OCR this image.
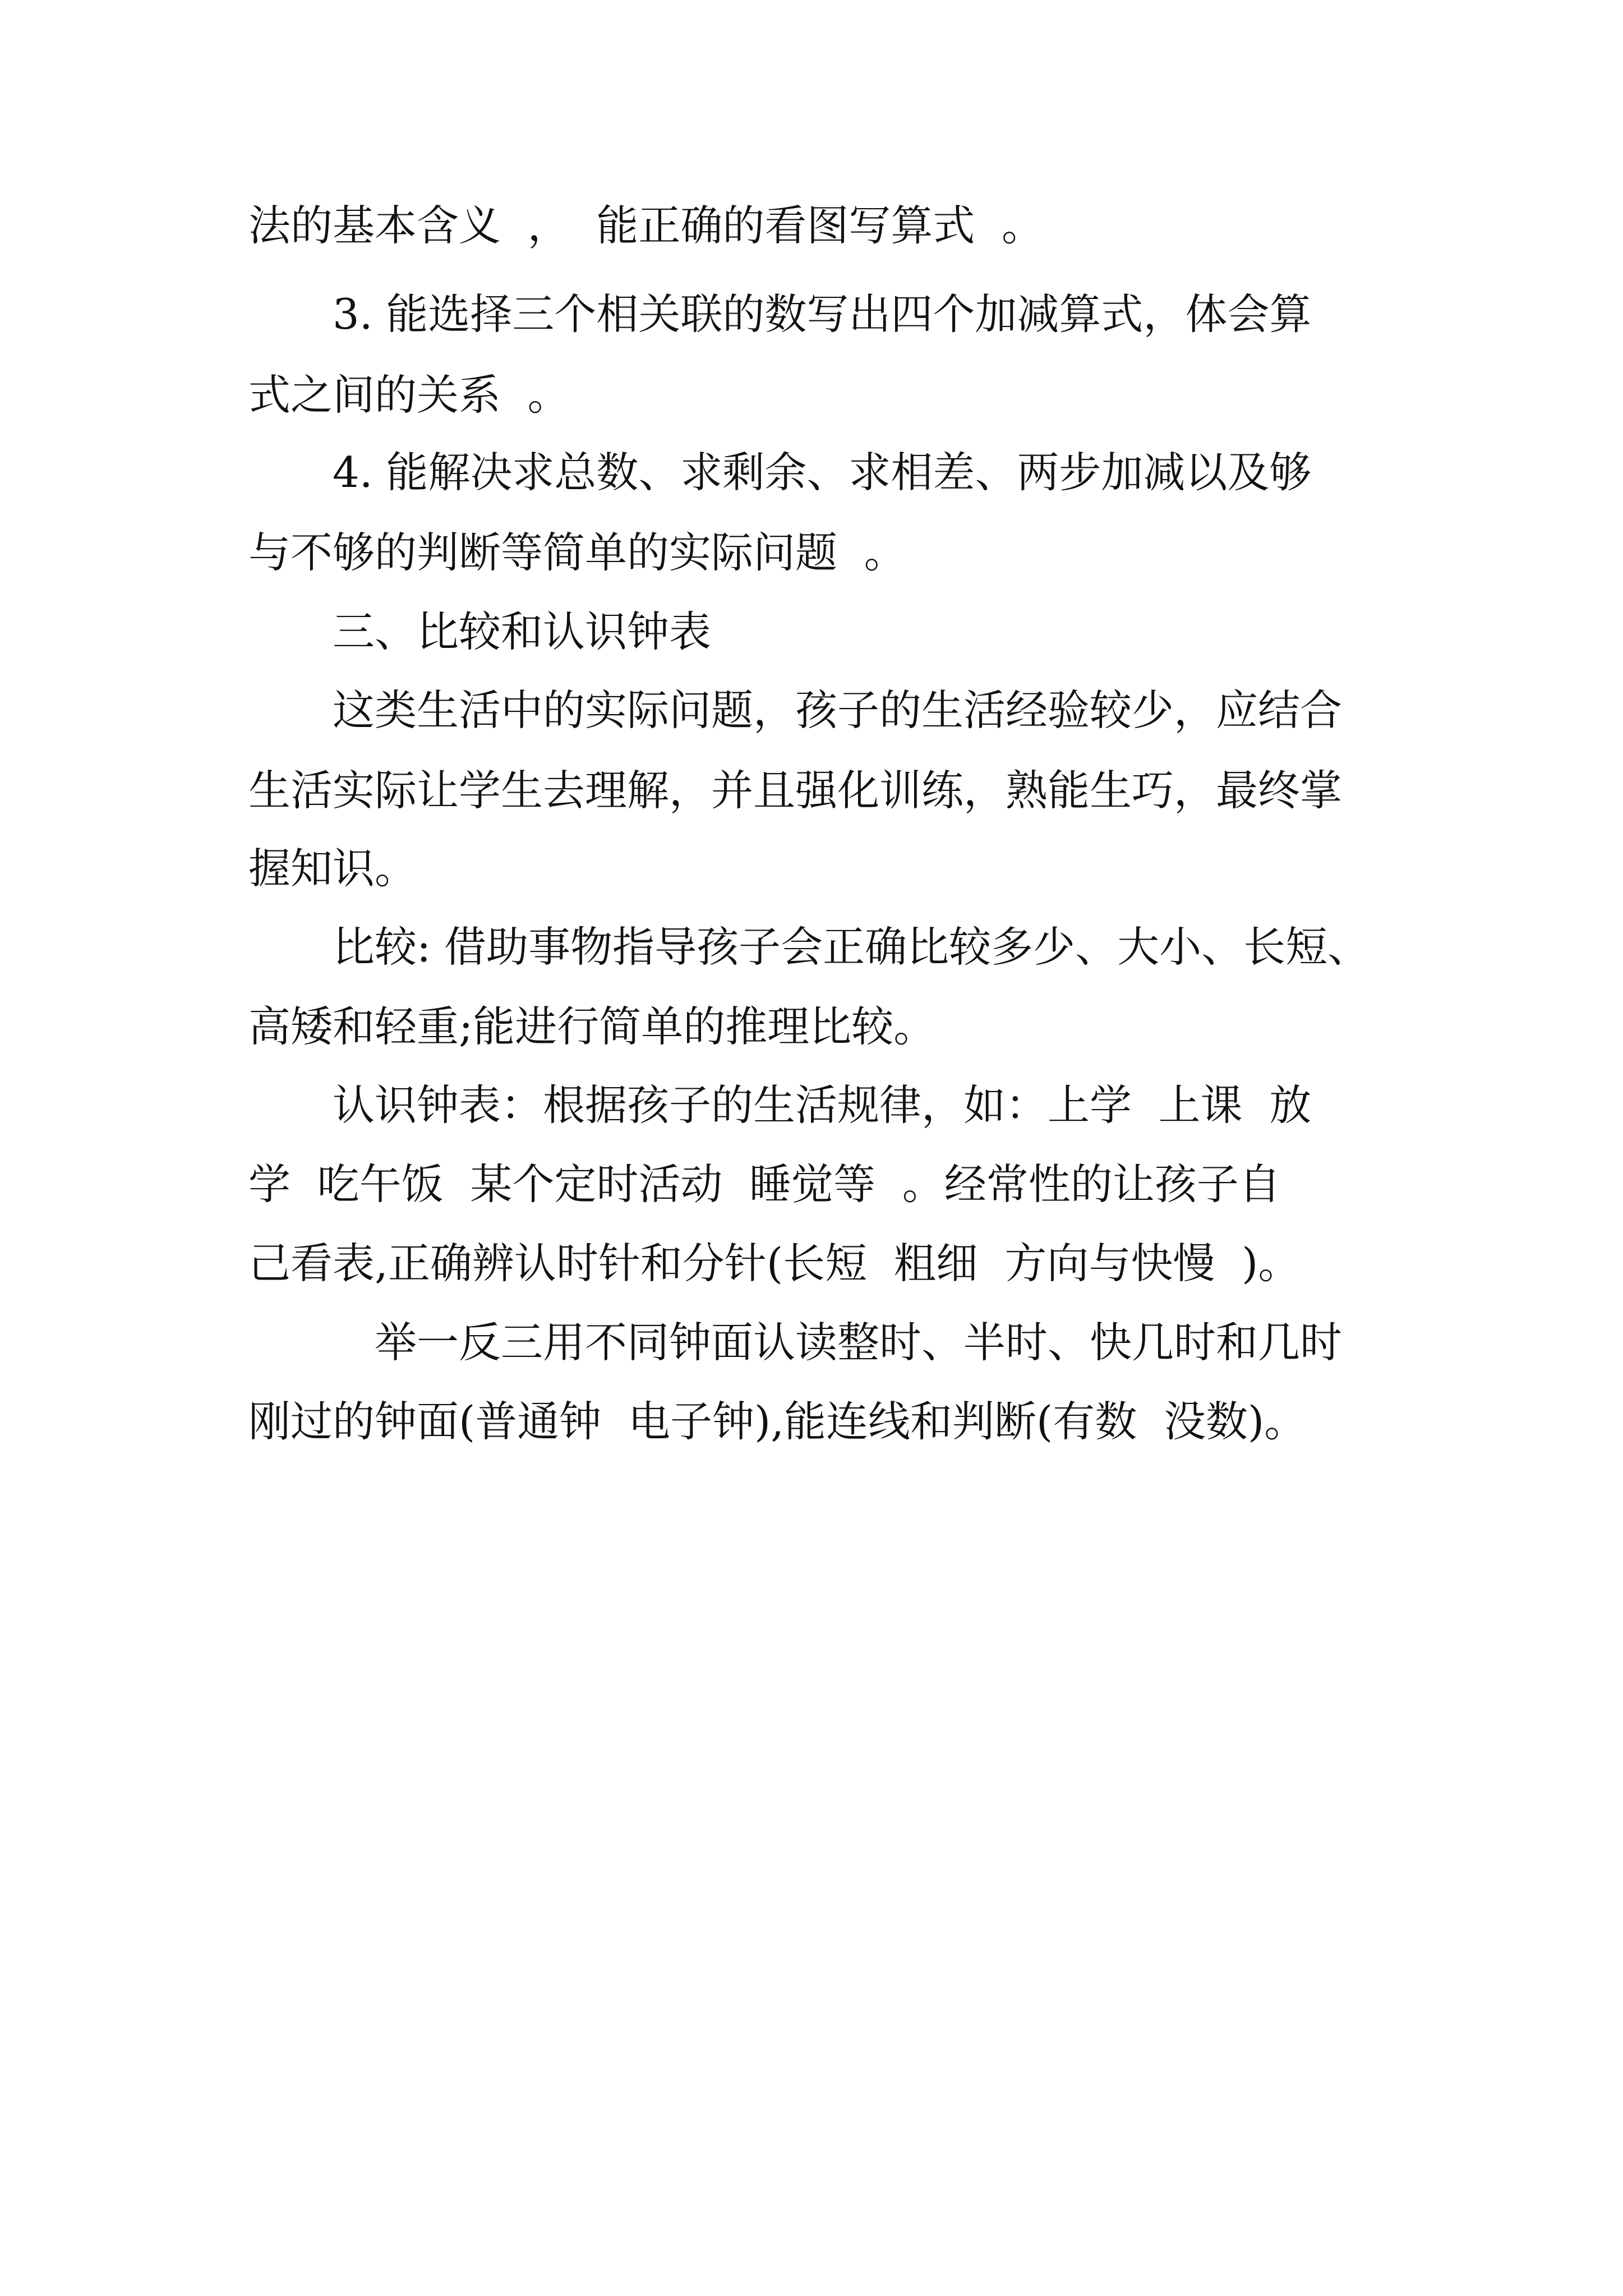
法的基本含义  ，  能正确的看图写算式  。
3. 能选择三个相关联的数写出四个加减算式，体会算
式之间的关系  。
4. 能解决求总数、求剩余、求相差、两步加减以及够
与不够的判断等简单的实际问题  。
三、比较和认识钟表
这类生活中的实际问题，孩子的生活经验较少，应结合
生活实际让学生去理解，并且强化训练，熟能生巧，最终掌
握知识。
比较: 借助事物指导孩子会正确比较多少、大小、长短、
高矮和轻重;能进行简单的推理比较。
认识钟表：根据孩子的生活规律，如：上学  上课  放
学  吃午饭  某个定时活动  睡觉等  。经常性的让孩子自
己看表,正确辨认时针和分针(长短  粗细  方向与快慢  )。
举一反三用不同钟面认读整时、半时、快几时和几时
刚过的钟面(普通钟  电子钟),能连线和判断(有数  没数)。
